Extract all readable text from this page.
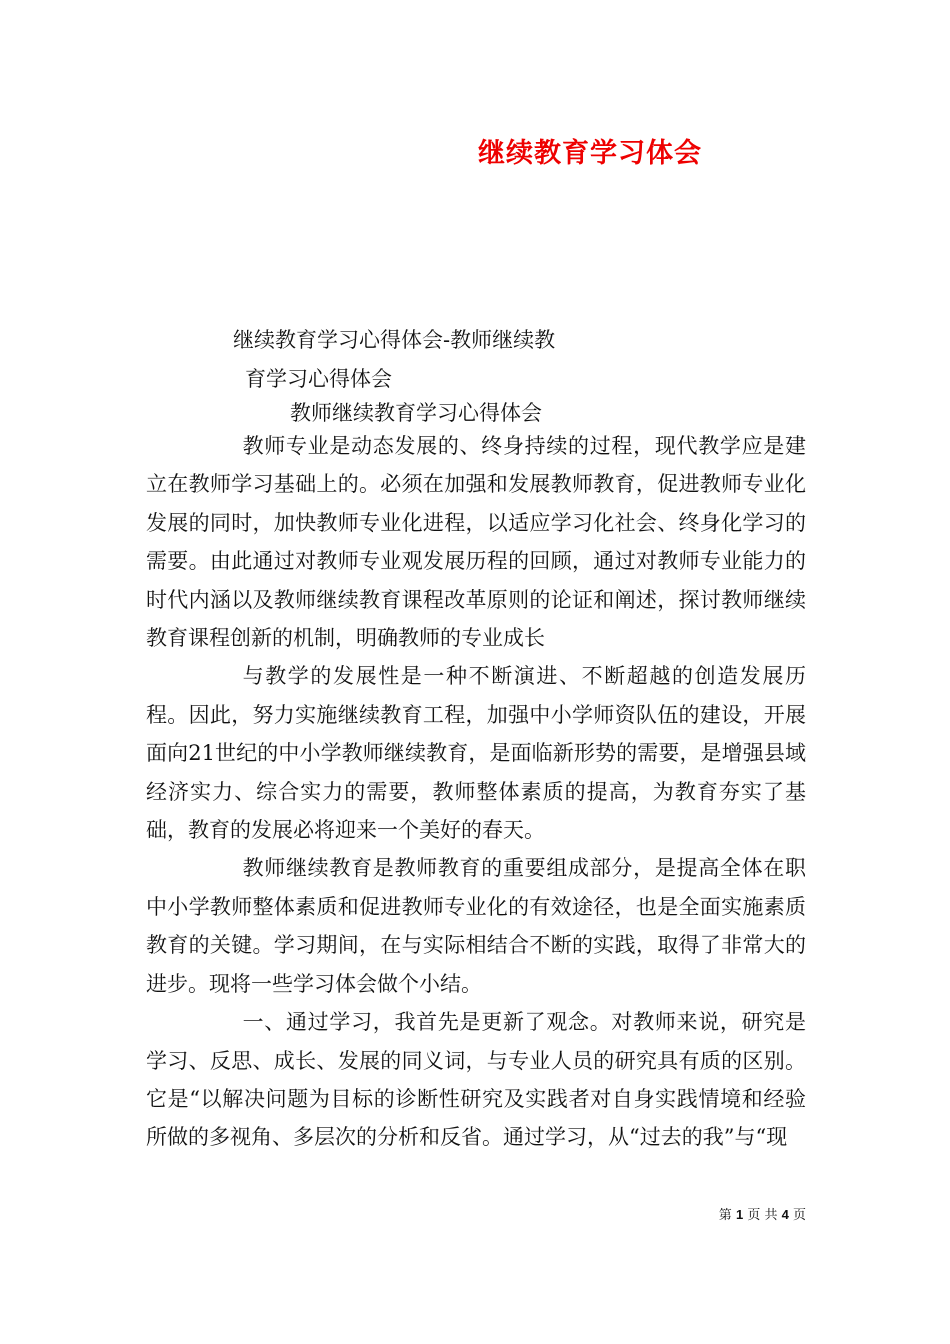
继续教育学习体会
继续教育学习心得体会-教师继续教
育学习心得体会
教师继续教育学习心得体会

教师专业是动态发展的、终身持续的过程，现代教学应是建立在教师学习基础上的。必须在加强和发展教师教育，促进教师专业化发展的同时，加快教师专业化进程，以适应学习化社会、终身化学习的需要。由此通过对教师专业观发展历程的回顾，通过对教师专业能力的时代内涵以及教师继续教育课程改革原则的论证和阐述，探讨教师继续教育课程创新的机制，明确教师的专业成长

与教学的发展性是一种不断演进、不断超越的创造发展历程。因此，努力实施继续教育工程，加强中小学师资队伍的建设，开展面向21世纪的中小学教师继续教育，是面临新形势的需要，是增强县域经济实力、综合实力的需要，教师整体素质的提高，为教育夯实了基础，教育的发展必将迎来一个美好的春天。

教师继续教育是教师教育的重要组成部分，是提高全体在职中小学教师整体素质和促进教师专业化的有效途径，也是全面实施素质教育的关键。学习期间，在与实际相结合不断的实践，取得了非常大的进步。现将一些学习体会做个小结。

一、通过学习，我首先是更新了观念。对教师来说，研究是学习、反思、成长、发展的同义词，与专业人员的研究具有质的区别。它是“以解决问题为目标的诊断性研究及实践者对自身实践情境和经验所做的多视角、多层次的分析和反省。通过学习，从“过去的我”与“现

第 1 页 共 4 页
